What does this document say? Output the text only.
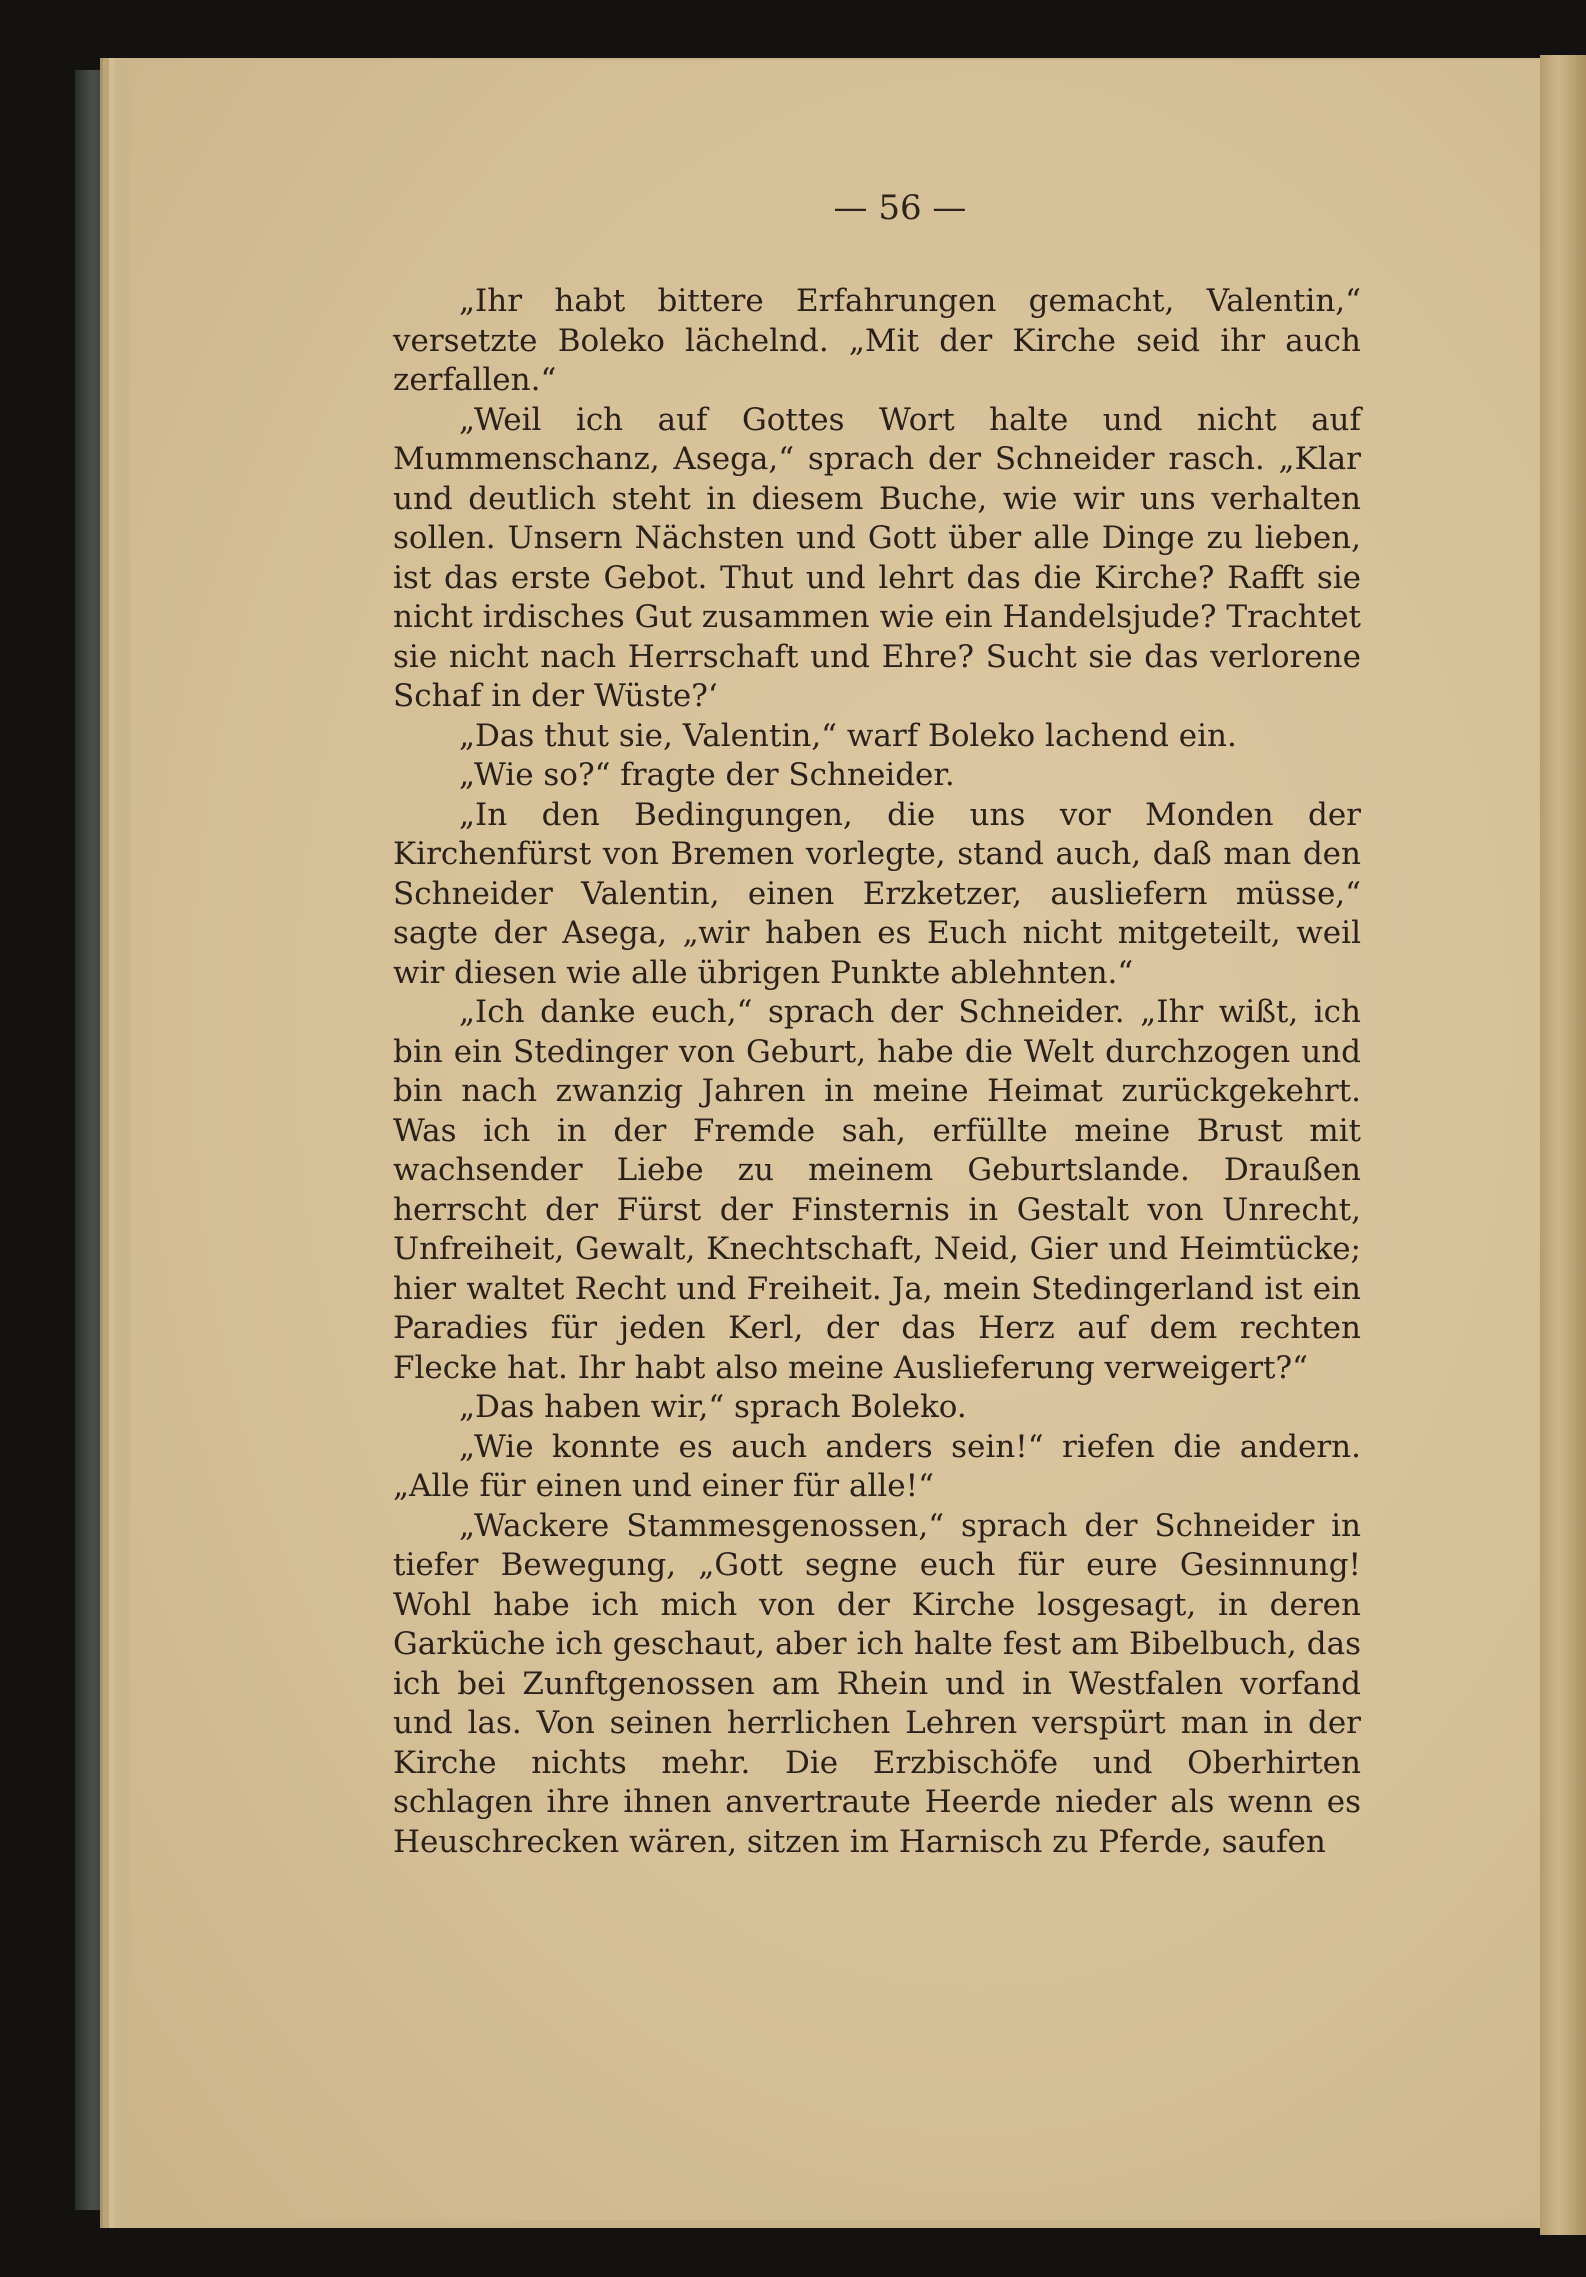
— 56 —

„Ihr habt bittere Erfahrungen gemacht, Valentin,“ versetzte Boleko lächelnd. „Mit der Kirche seid ihr auch zerfallen.“

„Weil ich auf Gottes Wort halte und nicht auf Mummenschanz, Asega,“ sprach der Schneider rasch. „Klar und deutlich steht in diesem Buche, wie wir uns verhalten sollen. Unsern Nächsten und Gott über alle Dinge zu lieben, ist das erste Gebot. Thut und lehrt das die Kirche? Rafft sie nicht irdisches Gut zusammen wie ein Handelsjude? Trachtet sie nicht nach Herrschaft und Ehre? Sucht sie das verlorene Schaf in der Wüste?‘

„Das thut sie, Valentin,“ warf Boleko lachend ein.

„Wie so?“ fragte der Schneider.

„In den Bedingungen, die uns vor Monden der Kirchenfürst von Bremen vorlegte, stand auch, daß man den Schneider Valentin, einen Erzketzer, ausliefern müsse,“ sagte der Asega, „wir haben es Euch nicht mitgeteilt, weil wir diesen wie alle übrigen Punkte ablehnten.“

„Ich danke euch,“ sprach der Schneider. „Ihr wißt, ich bin ein Stedinger von Geburt, habe die Welt durchzogen und bin nach zwanzig Jahren in meine Heimat zurückgekehrt. Was ich in der Fremde sah, erfüllte meine Brust mit wachsender Liebe zu meinem Geburtslande. Draußen herrscht der Fürst der Finsternis in Gestalt von Unrecht, Unfreiheit, Gewalt, Knechtschaft, Neid, Gier und Heimtücke; hier waltet Recht und Freiheit. Ja, mein Stedingerland ist ein Paradies für jeden Kerl, der das Herz auf dem rechten Flecke hat. Ihr habt also meine Auslieferung verweigert?“

„Das haben wir,“ sprach Boleko.

„Wie konnte es auch anders sein!“ riefen die andern. „Alle für einen und einer für alle!“

„Wackere Stammesgenossen,“ sprach der Schneider in tiefer Bewegung, „Gott segne euch für eure Gesinnung! Wohl habe ich mich von der Kirche losgesagt, in deren Garküche ich geschaut, aber ich halte fest am Bibelbuch, das ich bei Zunftgenossen am Rhein und in Westfalen vorfand und las. Von seinen herrlichen Lehren verspürt man in der Kirche nichts mehr. Die Erzbischöfe und Oberhirten schlagen ihre ihnen anvertraute Heerde nieder als wenn es Heuschrecken wären, sitzen im Harnisch zu Pferde, saufen
